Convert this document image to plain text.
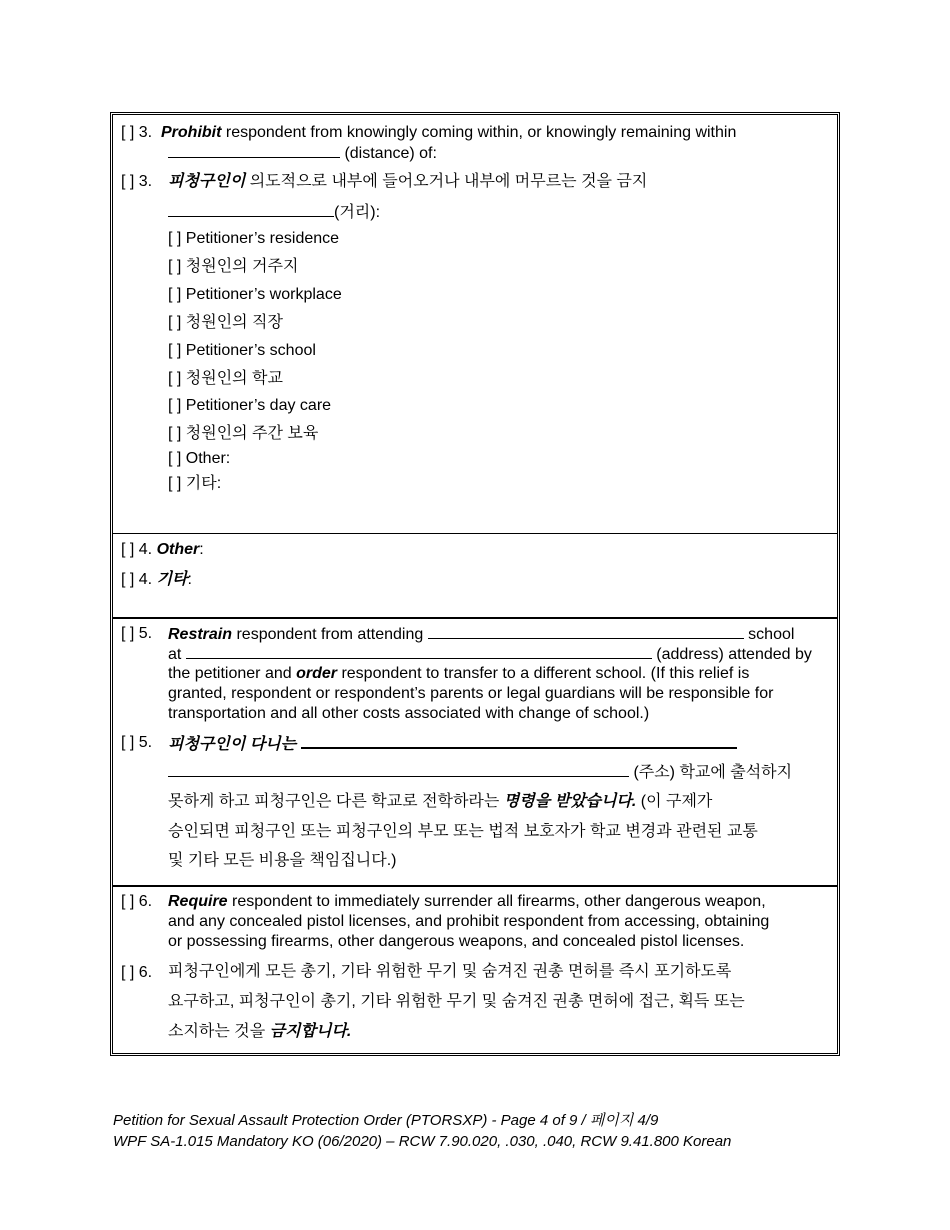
[ ] 3. Prohibit respondent from knowingly coming within, or knowingly remaining within
(distance) of:
[ ] 3. 피청구인이 의도적으로 내부에 들어오거나 내부에 머무르는 것을 금지
(거리):
[ ] Petitioner’s residence
[ ] 청원인의 거주지
[ ] Petitioner’s workplace
[ ] 청원인의 직장
[ ] Petitioner’s school
[ ] 청원인의 학교
[ ] Petitioner’s day care
[ ] 청원인의 주간 보육
[ ] Other:
[ ] 기타:
[ ] 4. Other:
[ ] 4. 기타:
[ ] 5. Restrain respondent from attending	school
at	(address) attended by
the petitioner and order respondent to transfer to a different school. (If this relief is
granted, respondent or respondent’s parents or legal guardians will be responsible for
transportation and all other costs associated with change of school.)
[ ] 5. 피청구인이 다니는
(주소) 학교에 출석하지
못하게 하고 피청구인은 다른 학교로 전학하라는 명령을 받았습니다. (이 구제가
승인되면 피청구인 또는 피청구인의 부모 또는 법적 보호자가 학교 변경과 관련된 교통
및 기타 모든 비용을 책임집니다.)
[ ] 6. Require respondent to immediately surrender all firearms, other dangerous weapon,
and any concealed pistol licenses, and prohibit respondent from accessing, obtaining
or possessing firearms, other dangerous weapons, and concealed pistol licenses.
[ ] 6. 피청구인에게 모든 총기, 기타 위험한 무기 및 숨겨진 권총 면허를 즉시 포기하도록
요구하고, 피청구인이 총기, 기타 위험한 무기 및 숨겨진 권총 면허에 접근, 획득 또는
소지하는 것을 금지합니다.
Petition for Sexual Assault Protection Order (PTORSXP) - Page 4 of 9 / 페이지 4/9
WPF SA-1.015 Mandatory KO (06/2020) – RCW 7.90.020, .030, .040, RCW 9.41.800 Korean
